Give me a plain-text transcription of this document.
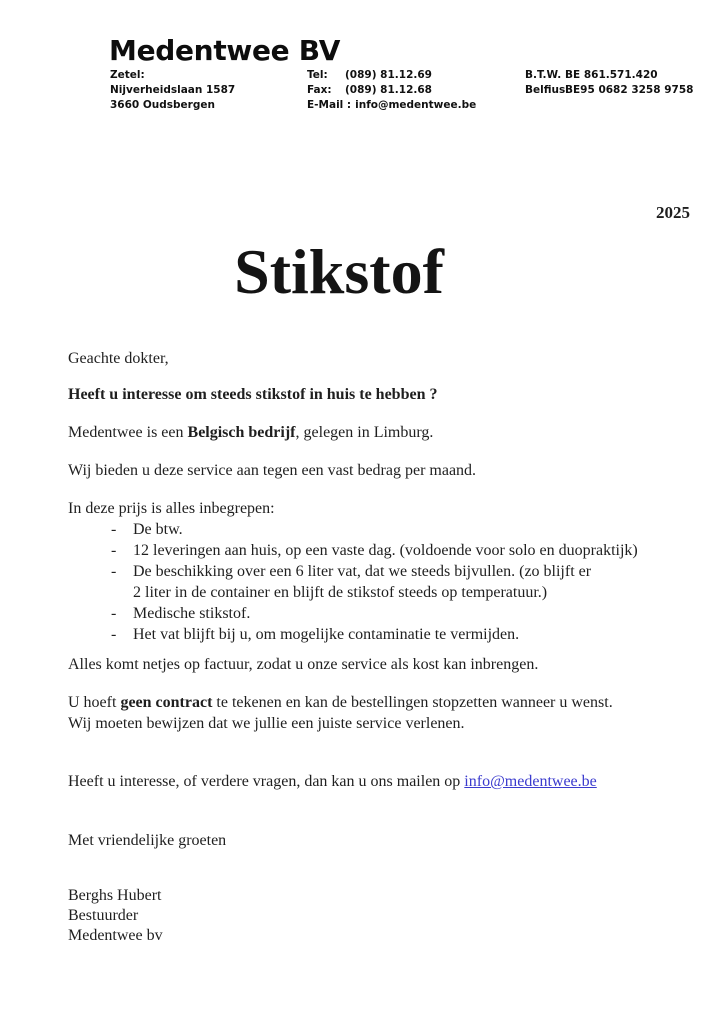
Medentwee BV
Zetel:
Nijverheidslaan 1587
3660 Oudsbergen
Tel: (089) 81.12.69
Fax: (089) 81.12.68
E-Mail : info@medentwee.be
B.T.W. BE 861.571.420
BelfiusBE95 0682 3258 9758
2025
Stikstof
Geachte dokter,
Heeft u interesse om steeds stikstof in huis te hebben ?
Medentwee is een Belgisch bedrijf, gelegen in Limburg.
Wij bieden u deze service aan tegen een vast bedrag per maand.
In deze prijs is alles inbegrepen:
-	De btw.
-	12 leveringen aan huis, op een vaste dag. (voldoende voor solo en duopraktijk)
-	De beschikking over een 6 liter vat, dat we steeds bijvullen. (zo blijft er
2 liter in de container en blijft de stikstof steeds op temperatuur.)
-	Medische stikstof.
-	Het vat blijft bij u, om mogelijke contaminatie te vermijden.
Alles komt netjes op factuur, zodat u onze service als kost kan inbrengen.
U hoeft geen contract te tekenen en kan de bestellingen stopzetten wanneer u wenst.
Wij moeten bewijzen dat we jullie een juiste service verlenen.
Heeft u interesse, of verdere vragen, dan kan u ons mailen op info@medentwee.be
Met vriendelijke groeten
Berghs Hubert
Bestuurder
Medentwee bv
